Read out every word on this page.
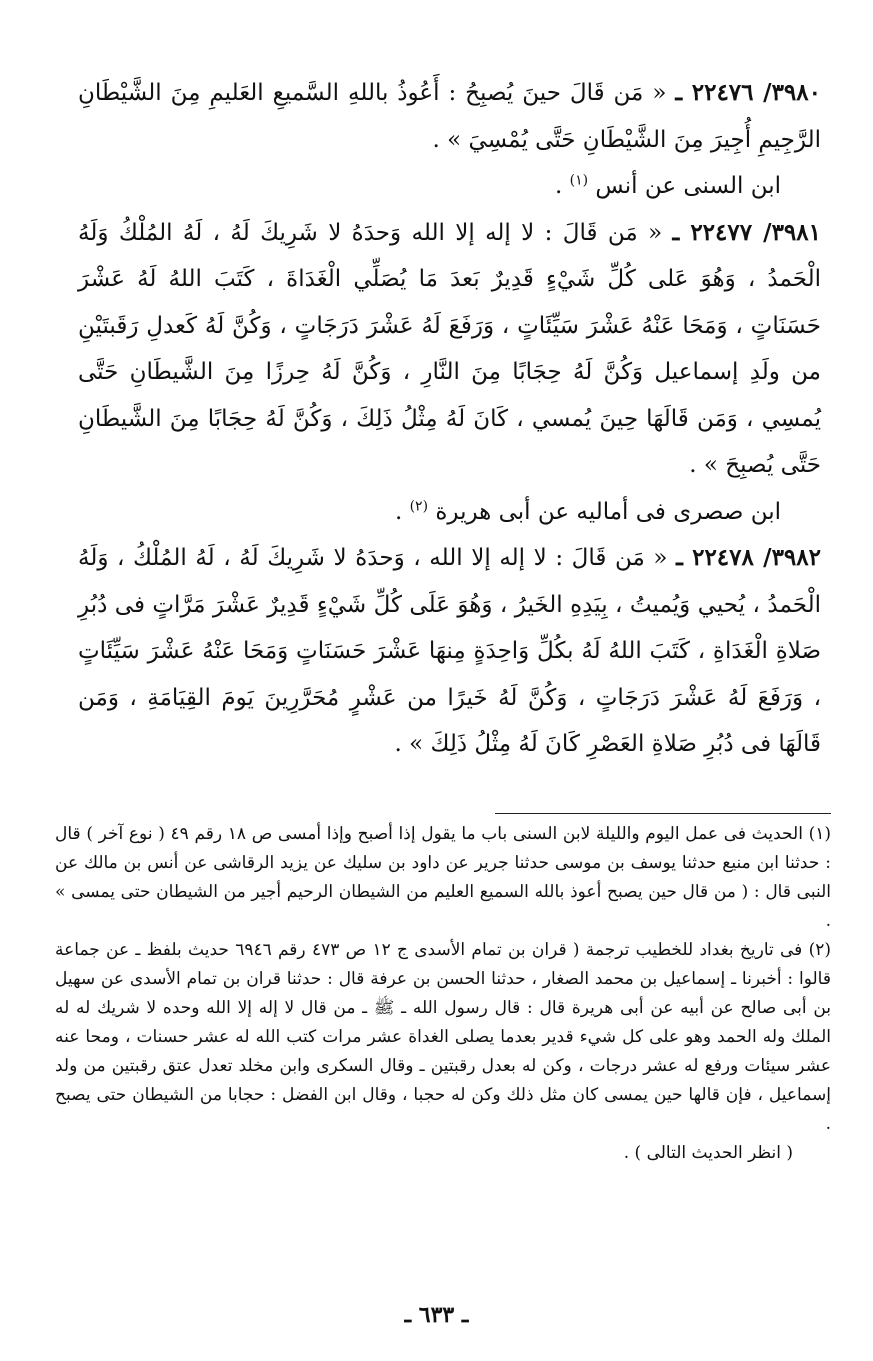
٣٩٨٠/ ٢٢٤٧٦ ـ « مَن قَالَ حينَ يُصبِحُ : أَعُوذُ باللهِ السَّميعِ العَليمِ مِنَ الشَّيْطَانِ الرَّجِيمِ أُجِيرَ مِنَ الشَّيْطَانِ حَتَّى يُمْسِيَ » .

ابن السنى عن أنس $^{(١)}$ .

٣٩٨١/ ٢٢٤٧٧ ـ « مَن قَالَ : لا إله إلا الله وَحدَهُ لا شَرِيكَ لَهُ ، لَهُ المُلْكُ وَلَهُ الْحَمدُ ، وَهُوَ عَلى كُلِّ شَيْءٍ قَدِيرٌ بَعدَ مَا يُصَلِّي الْغَدَاةَ ، كَتَبَ اللهُ لَهُ عَشْرَ حَسَنَاتٍ ، وَمَحَا عَنْهُ عَشْرَ سَيِّئَاتٍ ، وَرَفَعَ لَهُ عَشْرَ دَرَجَاتٍ ، وَكُنَّ لَهُ كَعدلِ رَقَبتَيْنِ من ولَدِ إسماعيل وَكُنَّ لَهُ حِجَابًا مِنَ النَّارِ ، وَكُنَّ لَهُ حِرزًا مِنَ الشَّيطَانِ حَتَّى يُمسِي ، وَمَن قَالَهَا حِينَ يُمسي ، كَانَ لَهُ مِثْلُ ذَلِكَ ، وَكُنَّ لَهُ حِجَابًا مِنَ الشَّيطَانِ حَتَّى يُصبِحَ » .

ابن صصرى فى أماليه عن أبى هريرة $^{(٢)}$ .

٣٩٨٢/ ٢٢٤٧٨ ـ « مَن قَالَ : لا إله إلا الله ، وَحدَهُ لا شَرِيكَ لَهُ ، لَهُ المُلْكُ ، وَلَهُ الْحَمدُ ، يُحيي وَيُميتُ ، بِيَدِهِ الخَيرُ ، وَهُوَ عَلَى كُلِّ شَيْءٍ قَدِيرٌ عَشْرَ مَرَّاتٍ فى دُبُرِ صَلاةِ الْغَدَاةِ ، كَتَبَ اللهُ لَهُ بكُلِّ وَاحِدَةٍ مِنهَا عَشْرَ حَسَنَاتٍ وَمَحَا عَنْهُ عَشْرَ سَيِّئَاتٍ ، وَرَفَعَ لَهُ عَشْرَ دَرَجَاتٍ ، وَكُنَّ لَهُ خَيرًا من عَشْرٍ مُحَرَّرِينَ يَومَ القِيَامَةِ ، وَمَن قَالَهَا فى دُبُرِ صَلاةِ العَصْرِ كَانَ لَهُ مِثْلُ ذَلِكَ » .

(١) الحديث فى عمل اليوم والليلة لابن السنى باب ما يقول إذا أصبح وإذا أمسى ص ١٨ رقم ٤٩ ( نوع آخر ) قال : حدثنا ابن منيع حدثنا يوسف بن موسى حدثنا جرير عن داود بن سليك عن يزيد الرقاشى عن أنس بن مالك عن النبى قال : ( من قال حين يصبح أعوذ بالله السميع العليم من الشيطان الرحيم أجير من الشيطان حتى يمسى » .

(٢) فى تاريخ بغداد للخطيب ترجمة ( قران بن تمام الأسدى ج ١٢ ص ٤٧٣ رقم ٦٩٤٦ حديث بلفظ ـ عن جماعة قالوا : أخبرنا ـ إسماعيل بن محمد الصغار ، حدثنا الحسن بن عرفة قال : حدثنا قران بن تمام الأسدى عن سهيل بن أبى صالح عن أبيه عن أبى هريرة قال : قال رسول الله ـ ﷺ ـ من قال لا إله إلا الله وحده لا شريك له له الملك وله الحمد وهو على كل شيء قدير بعدما يصلى الغداة عشر مرات كتب الله له عشر حسنات ، ومحا عنه عشر سيئات ورفع له عشر درجات ، وكن له بعدل رقبتين ـ وقال السكرى وابن مخلد تعدل عتق رقبتين من ولد إسماعيل ، فإن قالها حين يمسى كان مثل ذلك وكن له حجبا ، وقال ابن الفضل : حجابا من الشيطان حتى يصبح .

( انظر الحديث التالى ) .

ـ ٦٣٣ ـ
